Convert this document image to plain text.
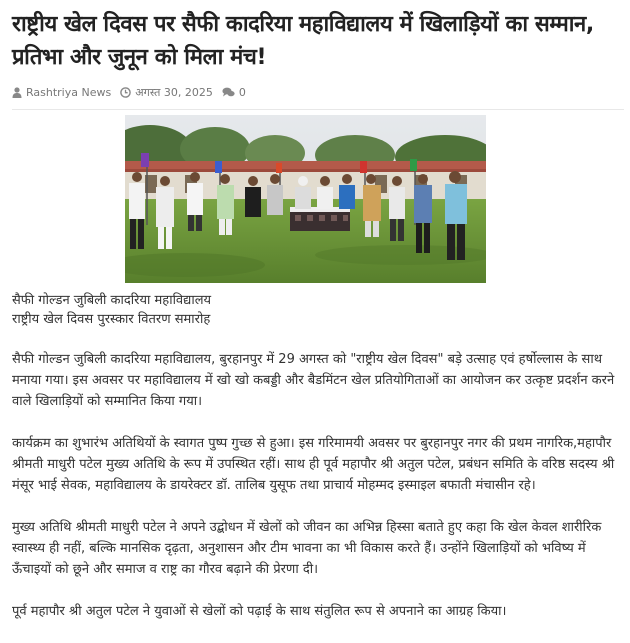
राष्ट्रीय खेल दिवस पर सैफी कादरिया महाविद्यालय में खिलाड़ियों का सम्मान, प्रतिभा और जुनून को मिला मंच!
Rashtriya News अगस्त 30, 2025 0
सैफी गोल्डन जुबिली कादरिया महाविद्यालय
राष्ट्रीय खेल दिवस पुरस्कार वितरण समारोह

सैफी गोल्डन जुबिली कादरिया महाविद्यालय, बुरहानपुर में 29 अगस्त को "राष्ट्रीय खेल दिवस" बड़े उत्साह एवं हर्षोल्लास के साथ मनाया गया। इस अवसर पर महाविद्यालय में खो खो कबड्डी और बैडमिंटन खेल प्रतियोगिताओं का आयोजन कर उत्कृष्ट प्रदर्शन करने वाले खिलाड़ियों को सम्मानित किया गया।

कार्यक्रम का शुभारंभ अतिथियों के स्वागत पुष्प गुच्छ से हुआ। इस गरिमामयी अवसर पर बुरहानपुर नगर की प्रथम नागरिक,महापौर श्रीमती माधुरी पटेल मुख्य अतिथि के रूप में उपस्थित रहीं। साथ ही पूर्व महापौर श्री अतुल पटेल, प्रबंधन समिति के वरिष्ठ सदस्य श्री मंसूर भाई सेवक, महाविद्यालय के डायरेक्टर डॉ. तालिब युसूफ तथा प्राचार्य मोहम्मद इस्माइल बफाती मंचासीन रहे।

मुख्य अतिथि श्रीमती माधुरी पटेल ने अपने उद्बोधन में खेलों को जीवन का अभिन्न हिस्सा बताते हुए कहा कि खेल केवल शारीरिक स्वास्थ्य ही नहीं, बल्कि मानसिक दृढ़ता, अनुशासन और टीम भावना का भी विकास करते हैं। उन्होंने खिलाड़ियों को भविष्य में ऊँचाइयों को छूने और समाज व राष्ट्र का गौरव बढ़ाने की प्रेरणा दी।

पूर्व महापौर श्री अतुल पटेल ने युवाओं से खेलों को पढ़ाई के साथ संतुलित रूप से अपनाने का आग्रह किया।
